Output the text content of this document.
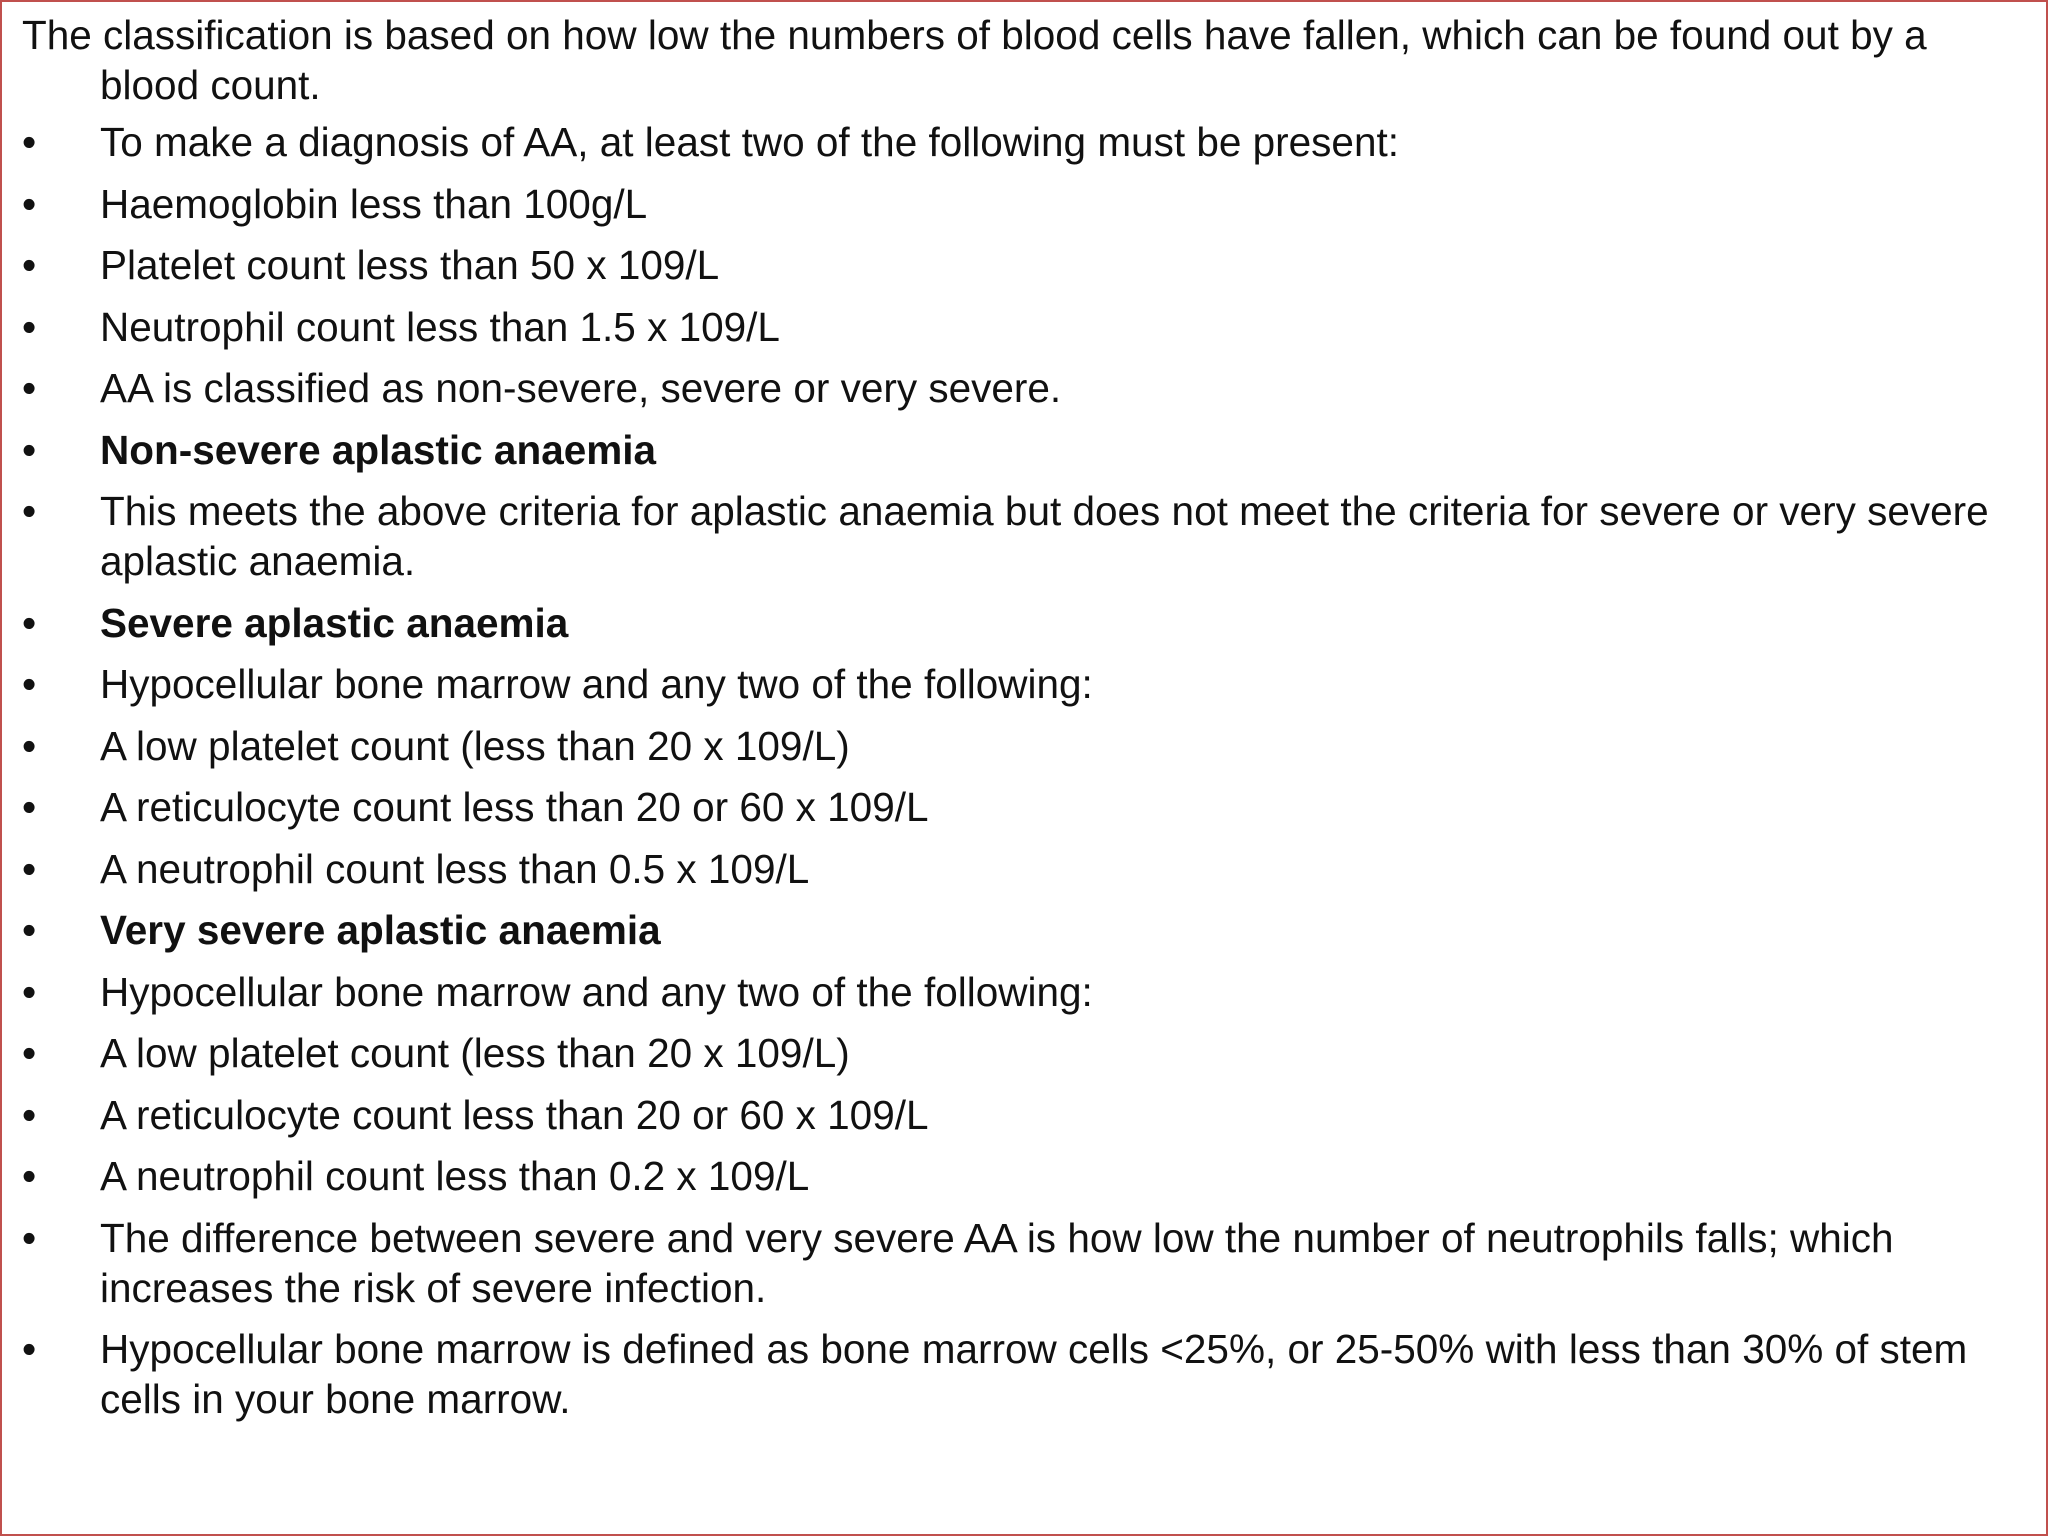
The classification is based on how low the numbers of blood cells have fallen, which can be found out by a blood count.

•	To make a diagnosis of AA, at least two of the following must be present:
•	Haemoglobin less than 100g/L
•	Platelet count less than 50 x 109/L
•	Neutrophil count less than 1.5 x 109/L
•	AA is classified as non-severe, severe or very severe.
•	Non-severe aplastic anaemia
•	This meets the above criteria for aplastic anaemia but does not meet the criteria for severe or very severe aplastic anaemia.
•	Severe aplastic anaemia
•	Hypocellular bone marrow and any two of the following:
•	A low platelet count (less than 20 x 109/L)
•	A reticulocyte count less than 20 or 60 x 109/L
•	A neutrophil count less than 0.5 x 109/L
•	Very severe aplastic anaemia
•	Hypocellular bone marrow and any two of the following:
•	A low platelet count (less than 20 x 109/L)
•	A reticulocyte count less than 20 or 60 x 109/L
•	A neutrophil count less than 0.2 x 109/L
•	The difference between severe and very severe AA is how low the number of neutrophils falls; which increases the risk of severe infection.
•	Hypocellular bone marrow is defined as bone marrow cells <25%, or 25-50% with less than 30% of stem cells in your bone marrow.
